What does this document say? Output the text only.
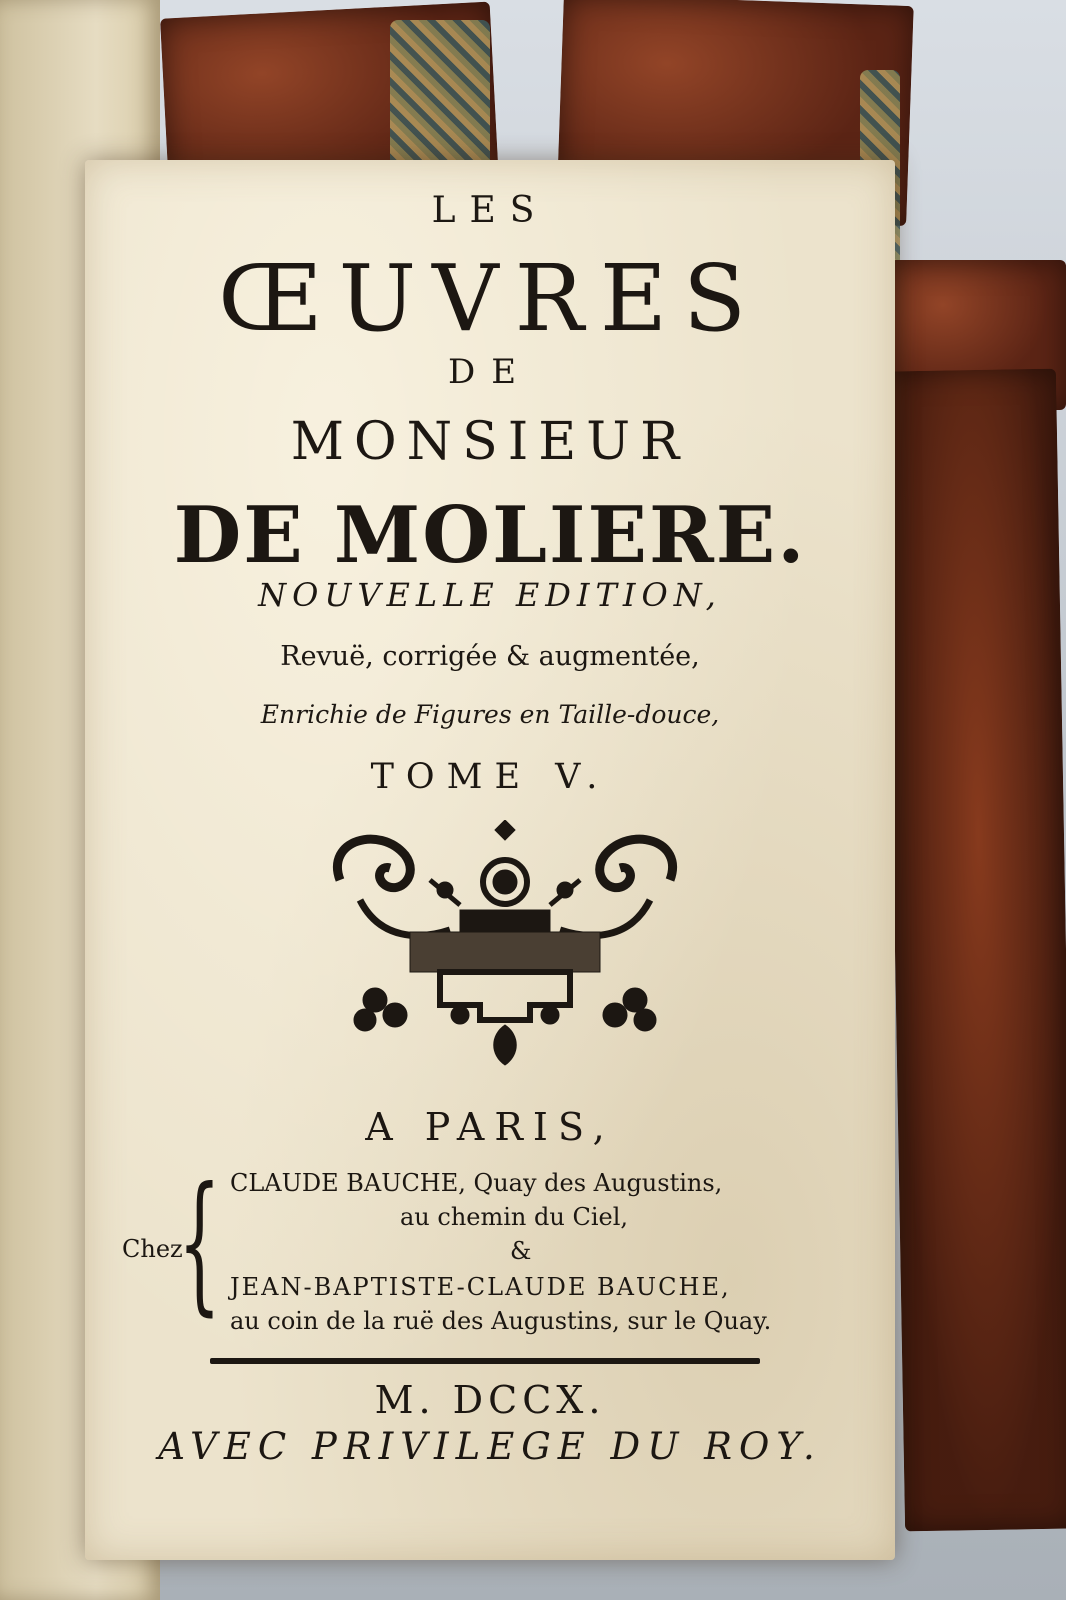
LES
ŒUVRES
DE
MONSIEUR
DE MOLIERE.
NOUVELLE EDITION,
Revuë, corrigée & augmentée,
Enrichie de Figures en Taille-douce,
TOME V.
A PARIS,
Chez
{ CLAUDE BAUCHE, Quay des Augustins,
au chemin du Ciel,
&
JEAN-BAPTISTE-CLAUDE BAUCHE,
au coin de la ruë des Augustins, sur le Quay.
M. DCCX.
AVEC PRIVILEGE DU ROY.
